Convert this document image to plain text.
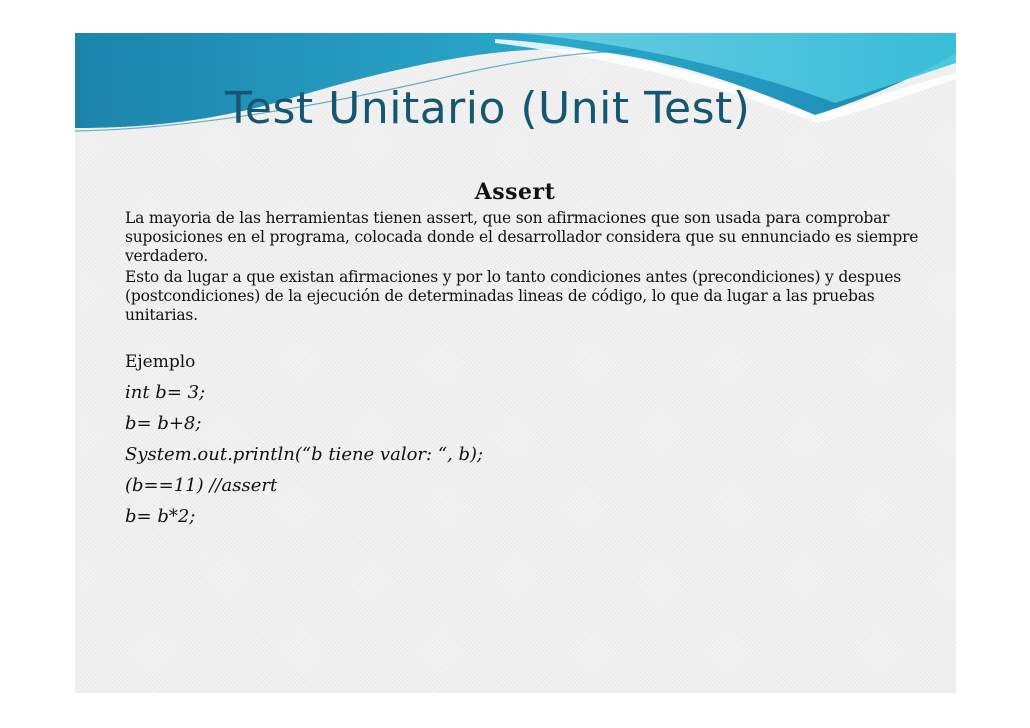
Test Unitario (Unit Test)
Assert

La mayoria de las herramientas tienen assert, que son afirmaciones que son usada para comprobar suposiciones en el programa, colocada donde el desarrollador considera que su ennunciado es siempre verdadero.

Esto da lugar a que existan afirmaciones y por lo tanto condiciones antes (precondiciones) y despues (postcondiciones) de la ejecución de determinadas lineas de código, lo que da lugar a las pruebas unitarias.

Ejemplo

int b= 3;

b= b+8;

System.out.println(“b tiene valor: “, b);

(b==11) //assert

b= b*2;
